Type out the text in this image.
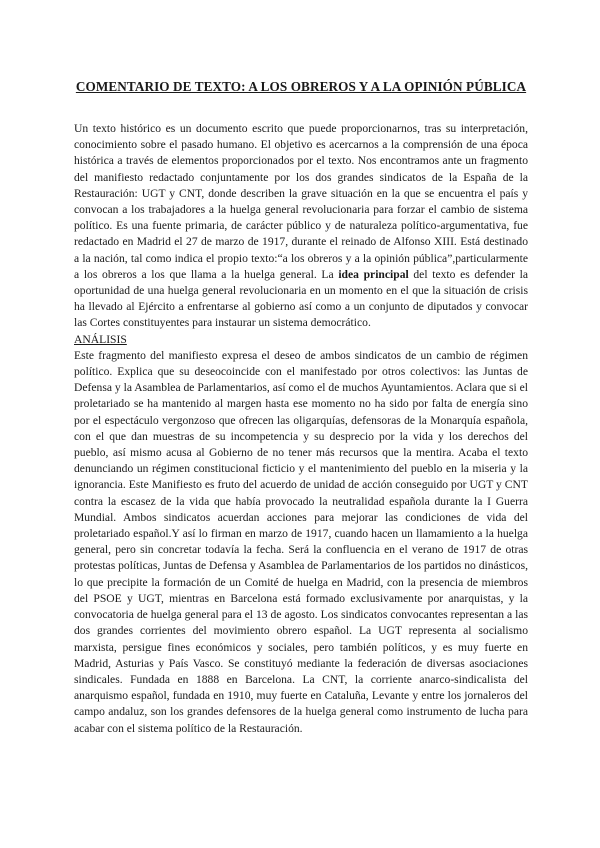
COMENTARIO DE TEXTO: A LOS OBREROS Y A LA OPINIÓN PÚBLICA

Un texto histórico es un documento escrito que puede proporcionarnos, tras su interpretación, conocimiento sobre el pasado humano. El objetivo es acercarnos a la comprensión de una época histórica a través de elementos proporcionados por el texto. Nos encontramos ante un fragmento del manifiesto redactado conjuntamente por los dos grandes sindicatos de la España de la Restauración: UGT y CNT, donde describen la grave situación en la que se encuentra el país y convocan a los trabajadores a la huelga general revolucionaria para forzar el cambio de sistema político. Es una fuente primaria, de carácter público y de naturaleza político-argumentativa, fue redactado en Madrid el 27 de marzo de 1917, durante el reinado de Alfonso XIII. Está destinado a la nación, tal como indica el propio texto:“a los obreros y a la opinión pública”,particularmente a los obreros a los que llama a la huelga general. La idea principal del texto es defender la oportunidad de una huelga general revolucionaria en un momento en el que la situación de crisis ha llevado al Ejército a enfrentarse al gobierno así como a un conjunto de diputados y convocar las Cortes constituyentes para instaurar un sistema democrático.

ANÁLISIS

Este fragmento del manifiesto expresa el deseo de ambos sindicatos de un cambio de régimen político. Explica que su deseocoincide con el manifestado por otros colectivos: las Juntas de Defensa y la Asamblea de Parlamentarios, así como el de muchos Ayuntamientos. Aclara que si el proletariado se ha mantenido al margen hasta ese momento no ha sido por falta de energía sino por el espectáculo vergonzoso que ofrecen las oligarquías, defensoras de la Monarquía española, con el que dan muestras de su incompetencia y su desprecio por la vida y los derechos del pueblo, así mismo acusa al Gobierno de no tener más recursos que la mentira. Acaba el texto denunciando un régimen constitucional ficticio y el mantenimiento del pueblo en la miseria y la ignorancia. Este Manifiesto es fruto del acuerdo de unidad de acción conseguido por UGT y CNT contra la escasez de la vida que había provocado la neutralidad española durante la I Guerra Mundial. Ambos sindicatos acuerdan acciones para mejorar las condiciones de vida del proletariado español.Y así lo firman en marzo de 1917, cuando hacen un llamamiento a la huelga general, pero sin concretar todavía la fecha. Será la confluencia en el verano de 1917 de otras protestas políticas, Juntas de Defensa y Asamblea de Parlamentarios de los partidos no dinásticos, lo que precipite la formación de un Comité de huelga en Madrid, con la presencia de miembros del PSOE y UGT, mientras en Barcelona está formado exclusivamente por anarquistas, y la convocatoria de huelga general para el 13 de agosto. Los sindicatos convocantes representan a las dos grandes corrientes del movimiento obrero español. La UGT representa al socialismo marxista, persigue fines económicos y sociales, pero también políticos, y es muy fuerte en Madrid, Asturias y País Vasco. Se constituyó mediante la federación de diversas asociaciones sindicales. Fundada en 1888 en Barcelona. La CNT, la corriente anarco-sindicalista del anarquismo español, fundada en 1910, muy fuerte en Cataluña, Levante y entre los jornaleros del campo andaluz, son los grandes defensores de la huelga general como instrumento de lucha para acabar con el sistema político de la Restauración.
